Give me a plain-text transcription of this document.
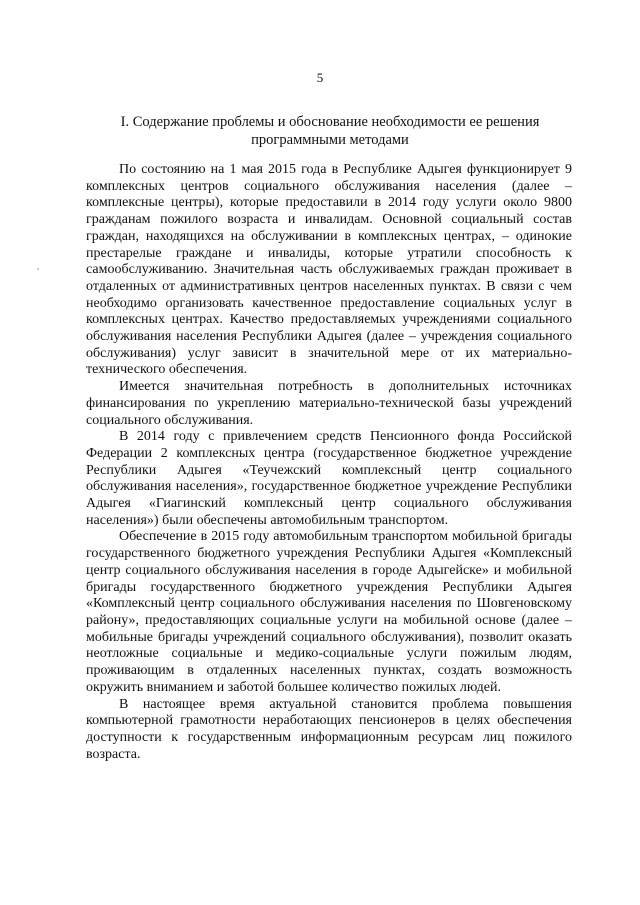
5
I. Содержание проблемы и обоснование необходимости ее решения программными методами

По состоянию на 1 мая 2015 года в Республике Адыгея функционирует 9 комплексных центров социального обслуживания населения (далее – комплексные центры), которые предоставили в 2014 году услуги около 9800 гражданам пожилого возраста и инвалидам. Основной социальный состав граждан, находящихся на обслуживании в комплексных центрах, – одинокие престарелые граждане и инвалиды, которые утратили способность к самообслуживанию. Значительная часть обслуживаемых граждан проживает в отдаленных от административных центров населенных пунктах. В связи с чем необходимо организовать качественное предоставление социальных услуг в комплексных центрах. Качество предоставляемых учреждениями социального обслуживания населения Республики Адыгея (далее – учреждения социального обслуживания) услуг зависит в значительной мере от их материально-технического обеспечения.

Имеется значительная потребность в дополнительных источниках финансирования по укреплению материально-технической базы учреждений социального обслуживания.

В 2014 году с привлечением средств Пенсионного фонда Российской Федерации 2 комплексных центра (государственное бюджетное учреждение Республики Адыгея «Теучежский комплексный центр социального обслуживания населения», государственное бюджетное учреждение Республики Адыгея «Гиагинский комплексный центр социального обслуживания населения») были обеспечены автомобильным транспортом.

Обеспечение в 2015 году автомобильным транспортом мобильной бригады государственного бюджетного учреждения Республики Адыгея «Комплексный центр социального обслуживания населения в городе Адыгейске» и мобильной бригады государственного бюджетного учреждения Республики Адыгея «Комплексный центр социального обслуживания населения по Шовгеновскому району», предоставляющих социальные услуги на мобильной основе (далее – мобильные бригады учреждений социального обслуживания), позволит оказать неотложные социальные и медико-социальные услуги пожилым людям, проживающим в отдаленных населенных пунктах, создать возможность окружить вниманием и заботой большее количество пожилых людей.

В настоящее время актуальной становится проблема повышения компьютерной грамотности неработающих пенсионеров в целях обеспечения доступности к государственным информационным ресурсам лиц пожилого возраста.
